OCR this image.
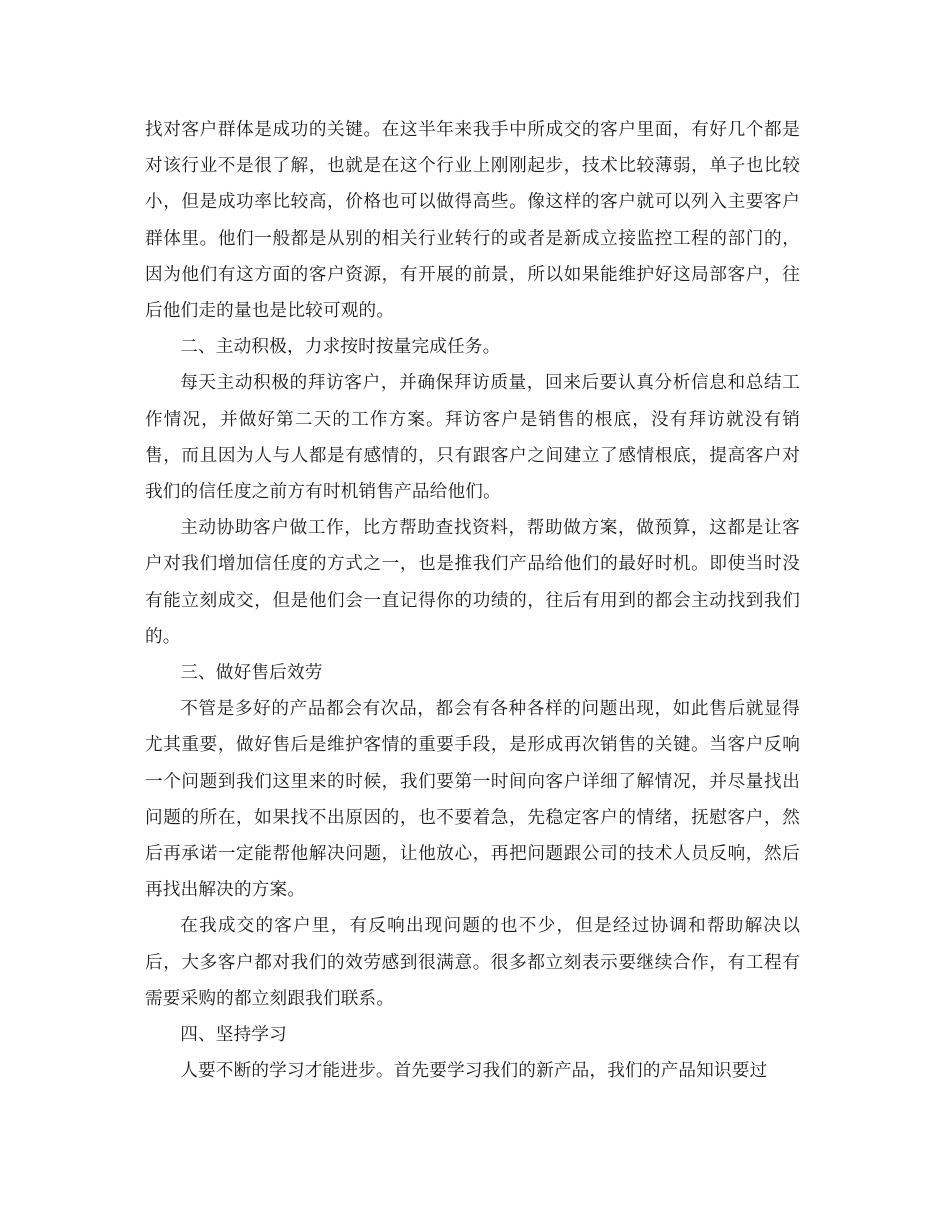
找对客户群体是成功的关键。在这半年来我手中所成交的客户里面，有好几个都是对该行业不是很了解，也就是在这个行业上刚刚起步，技术比较薄弱，单子也比较小，但是成功率比较高，价格也可以做得高些。像这样的客户就可以列入主要客户群体里。他们一般都是从别的相关行业转行的或者是新成立接监控工程的部门的，因为他们有这方面的客户资源，有开展的前景，所以如果能维护好这局部客户，往后他们走的量也是比较可观的。

二、主动积极，力求按时按量完成任务。

每天主动积极的拜访客户，并确保拜访质量，回来后要认真分析信息和总结工作情况，并做好第二天的工作方案。拜访客户是销售的根底，没有拜访就没有销售，而且因为人与人都是有感情的，只有跟客户之间建立了感情根底，提高客户对我们的信任度之前方有时机销售产品给他们。

主动协助客户做工作，比方帮助查找资料，帮助做方案，做预算，这都是让客户对我们增加信任度的方式之一，也是推我们产品给他们的最好时机。即使当时没有能立刻成交，但是他们会一直记得你的功绩的，往后有用到的都会主动找到我们的。

三、做好售后效劳

不管是多好的产品都会有次品，都会有各种各样的问题出现，如此售后就显得尤其重要，做好售后是维护客情的重要手段，是形成再次销售的关键。当客户反响一个问题到我们这里来的时候，我们要第一时间向客户详细了解情况，并尽量找出问题的所在，如果找不出原因的，也不要着急，先稳定客户的情绪，抚慰客户，然后再承诺一定能帮他解决问题，让他放心，再把问题跟公司的技术人员反响，然后再找出解决的方案。

在我成交的客户里，有反响出现问题的也不少，但是经过协调和帮助解决以后，大多客户都对我们的效劳感到很满意。很多都立刻表示要继续合作，有工程有需要采购的都立刻跟我们联系。

四、坚持学习

人要不断的学习才能进步。首先要学习我们的新产品，我们的产品知识要过
